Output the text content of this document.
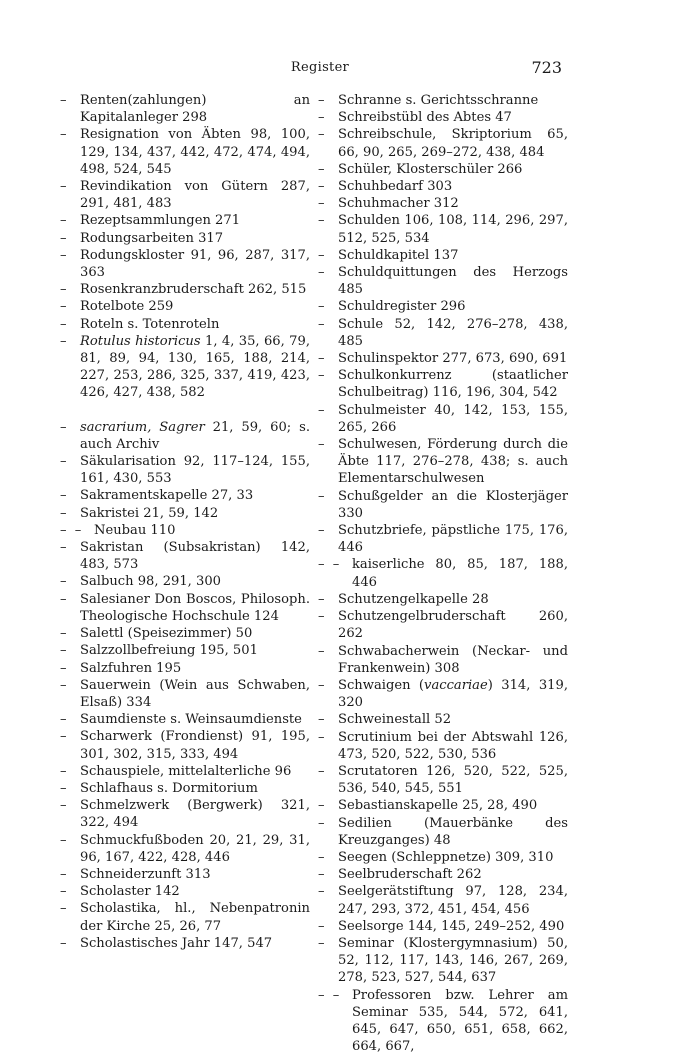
Register	723
– Renten(zahlungen) an Kapitalanleger 298
– Resignation von Äbten 98, 100, 129, 134, 437, 442, 472, 474, 494, 498, 524, 545
– Revindikation von Gütern 287, 291, 481, 483
– Rezeptsammlungen 271
– Rodungsarbeiten 317
– Rodungskloster 91, 96, 287, 317, 363
– Rosenkranzbruderschaft 262, 515
– Rotelbote 259
– Roteln s. Totenroteln
– Rotulus historicus 1, 4, 35, 66, 79, 81, 89, 94, 130, 165, 188, 214, 227, 253, 286, 325, 337, 419, 423, 426, 427, 438, 582
– sacrarium, Sagrer 21, 59, 60; s. auch Archiv
– Säkularisation 92, 117–124, 155, 161, 430, 553
– Sakramentskapelle 27, 33
– Sakristei 21, 59, 142
– – Neubau 110
– Sakristan (Subsakristan) 142, 483, 573
– Salbuch 98, 291, 300
– Salesianer Don Boscos, Philosoph. Theologische Hochschule 124
– Salettl (Speisezimmer) 50
– Salzzollbefreiung 195, 501
– Salzfuhren 195
– Sauerwein (Wein aus Schwaben, Elsaß) 334
– Saumdienste s. Weinsaumdienste
– Scharwerk (Frondienst) 91, 195, 301, 302, 315, 333, 494
– Schauspiele, mittelalterliche 96
– Schlafhaus s. Dormitorium
– Schmelzwerk (Bergwerk) 321, 322, 494
– Schmuckfußboden 20, 21, 29, 31, 96, 167, 422, 428, 446
– Schneiderzunft 313
– Scholaster 142
– Scholastika, hl., Nebenpatronin der Kirche 25, 26, 77
– Scholastisches Jahr 147, 547
– Schranne s. Gerichtsschranne
– Schreibstübl des Abtes 47
– Schreibschule, Skriptorium 65, 66, 90, 265, 269–272, 438, 484
– Schüler, Klosterschüler 266
– Schuhbedarf 303
– Schuhmacher 312
– Schulden 106, 108, 114, 296, 297, 512, 525, 534
– Schuldkapitel 137
– Schuldquittungen des Herzogs 485
– Schuldregister 296
– Schule 52, 142, 276–278, 438, 485
– Schulinspektor 277, 673, 690, 691
– Schulkonkurrenz (staatlicher Schulbeitrag) 116, 196, 304, 542
– Schulmeister 40, 142, 153, 155, 265, 266
– Schulwesen, Förderung durch die Äbte 117, 276–278, 438; s. auch Elementarschulwesen
– Schußgelder an die Klosterjäger 330
– Schutzbriefe, päpstliche 175, 176, 446
– – kaiserliche 80, 85, 187, 188, 446
– Schutzengelkapelle 28
– Schutzengelbruderschaft 260, 262
– Schwabacherwein (Neckar- und Frankenwein) 308
– Schwaigen (vaccariae) 314, 319, 320
– Schweinestall 52
– Scrutinium bei der Abtswahl 126, 473, 520, 522, 530, 536
– Scrutatoren 126, 520, 522, 525, 536, 540, 545, 551
– Sebastianskapelle 25, 28, 490
– Sedilien (Mauerbänke des Kreuzganges) 48
– Seegen (Schleppnetze) 309, 310
– Seelbruderschaft 262
– Seelgerätstiftung 97, 128, 234, 247, 293, 372, 451, 454, 456
– Seelsorge 144, 145, 249–252, 490
– Seminar (Klostergymnasium) 50, 52, 112, 117, 143, 146, 267, 269, 278, 523, 527, 544, 637
– – Professoren bzw. Lehrer am Seminar 535, 544, 572, 641, 645, 647, 650, 651, 658, 662, 664, 667,
